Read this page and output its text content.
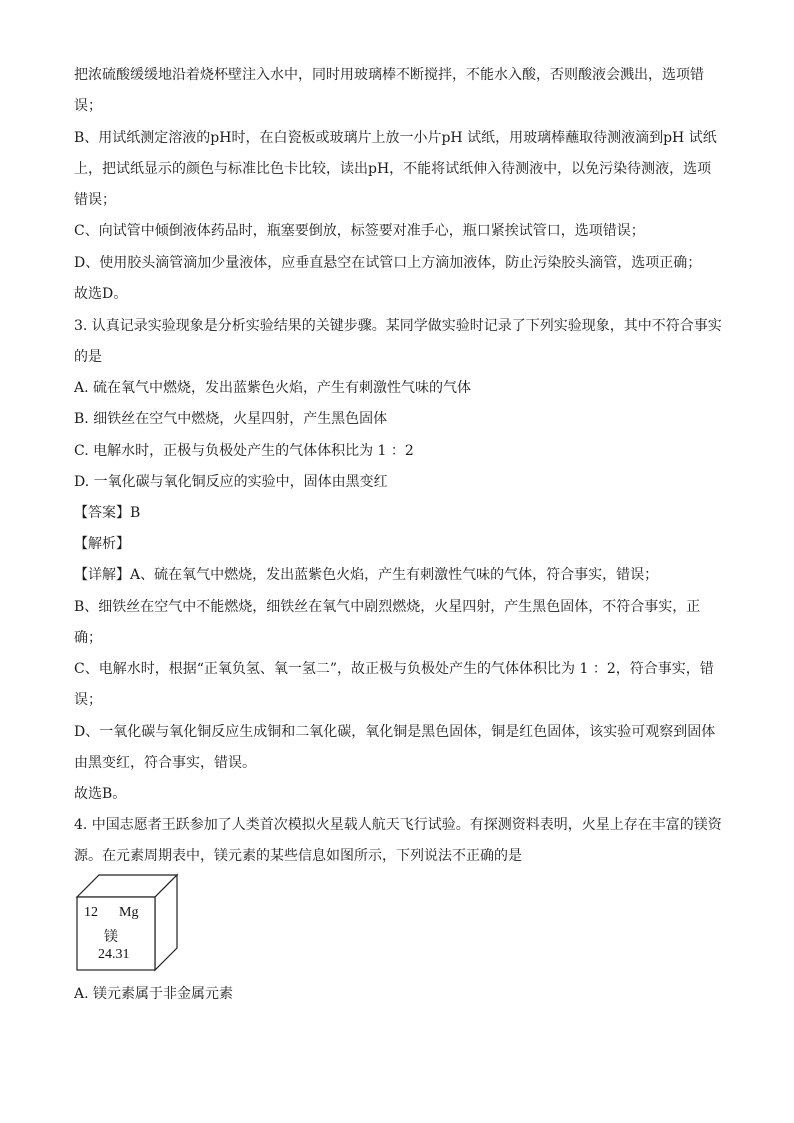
把浓硫酸缓缓地沿着烧杯壁注入水中，同时用玻璃棒不断搅拌，不能水入酸，否则酸液会溅出，选项错

误；

B、用试纸测定溶液的pH时，在白瓷板或玻璃片上放一小片pH 试纸，用玻璃棒蘸取待测液滴到pH 试纸

上，把试纸显示的颜色与标准比色卡比较，读出pH，不能将试纸伸入待测液中，以免污染待测液，选项

错误；

C、向试管中倾倒液体药品时，瓶塞要倒放，标签要对准手心，瓶口紧挨试管口，选项错误；

D、使用胶头滴管滴加少量液体，应垂直悬空在试管口上方滴加液体，防止污染胶头滴管，选项正确；

故选D。

3. 认真记录实验现象是分析实验结果的关键步骤。某同学做实验时记录了下列实验现象，其中不符合事实

的是

A. 硫在氧气中燃烧，发出蓝紫色火焰，产生有刺激性气味的气体

B. 细铁丝在空气中燃烧，火星四射，产生黑色固体

C. 电解水时，正极与负极处产生的气体体积比为 1 ：2

D. 一氧化碳与氧化铜反应的实验中，固体由黑变红

【答案】B

【解析】

【详解】A、硫在氧气中燃烧，发出蓝紫色火焰，产生有刺激性气味的气体，符合事实，错误；

B、细铁丝在空气中不能燃烧，细铁丝在氧气中剧烈燃烧，火星四射，产生黑色固体，不符合事实，正

确；

C、电解水时，根据“正氧负氢、氧一氢二”，故正极与负极处产生的气体体积比为 1 ：2，符合事实，错

误；

D、一氧化碳与氧化铜反应生成铜和二氧化碳，氧化铜是黑色固体，铜是红色固体，该实验可观察到固体

由黑变红，符合事实，错误。

故选B。

4. 中国志愿者王跃参加了人类首次模拟火星载人航天飞行试验。有探测资料表明，火星上存在丰富的镁资

源。在元素周期表中，镁元素的某些信息如图所示，下列说法不正确的是

12 Mg
镁
24.31

A. 镁元素属于非金属元素
